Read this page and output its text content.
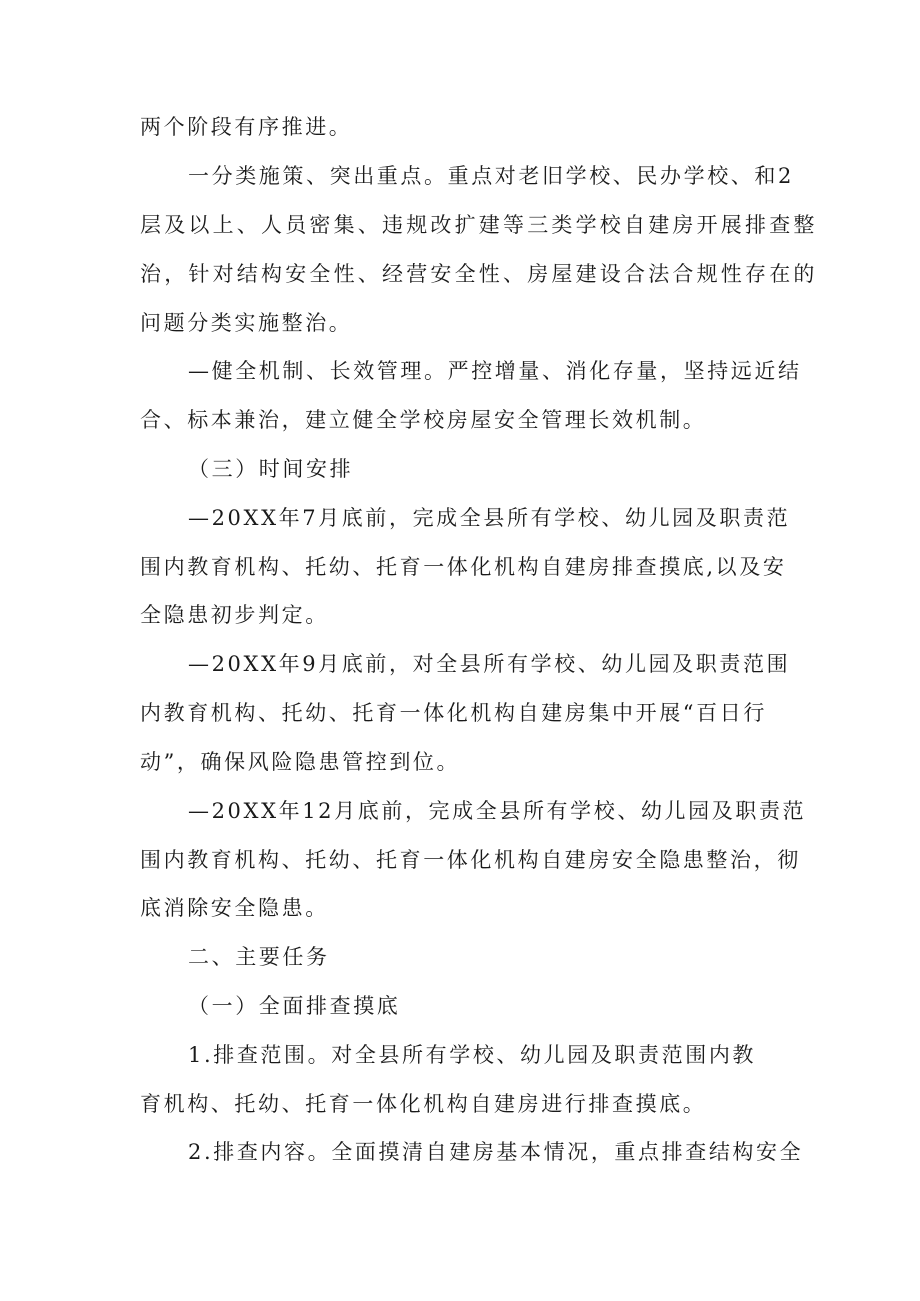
两个阶段有序推进。

一分类施策、突出重点。重点对老旧学校、民办学校、和2

层及以上、人员密集、违规改扩建等三类学校自建房开展排查整

治，针对结构安全性、经营安全性、房屋建设合法合规性存在的

问题分类实施整治。

—健全机制、长效管理。严控增量、消化存量，坚持远近结

合、标本兼治，建立健全学校房屋安全管理长效机制。

（三）时间安排

—20XX年7月底前，完成全县所有学校、幼儿园及职责范

围内教育机构、托幼、托育一体化机构自建房排查摸底,以及安

全隐患初步判定。

—20XX年9月底前，对全县所有学校、幼儿园及职责范围

内教育机构、托幼、托育一体化机构自建房集中开展“百日行

动”，确保风险隐患管控到位。

—20XX年12月底前，完成全县所有学校、幼儿园及职责范

围内教育机构、托幼、托育一体化机构自建房安全隐患整治，彻

底消除安全隐患。

二、主要任务

（一）全面排查摸底

1.排查范围。对全县所有学校、幼儿园及职责范围内教

育机构、托幼、托育一体化机构自建房进行排查摸底。

2.排查内容。全面摸清自建房基本情况，重点排查结构安全
